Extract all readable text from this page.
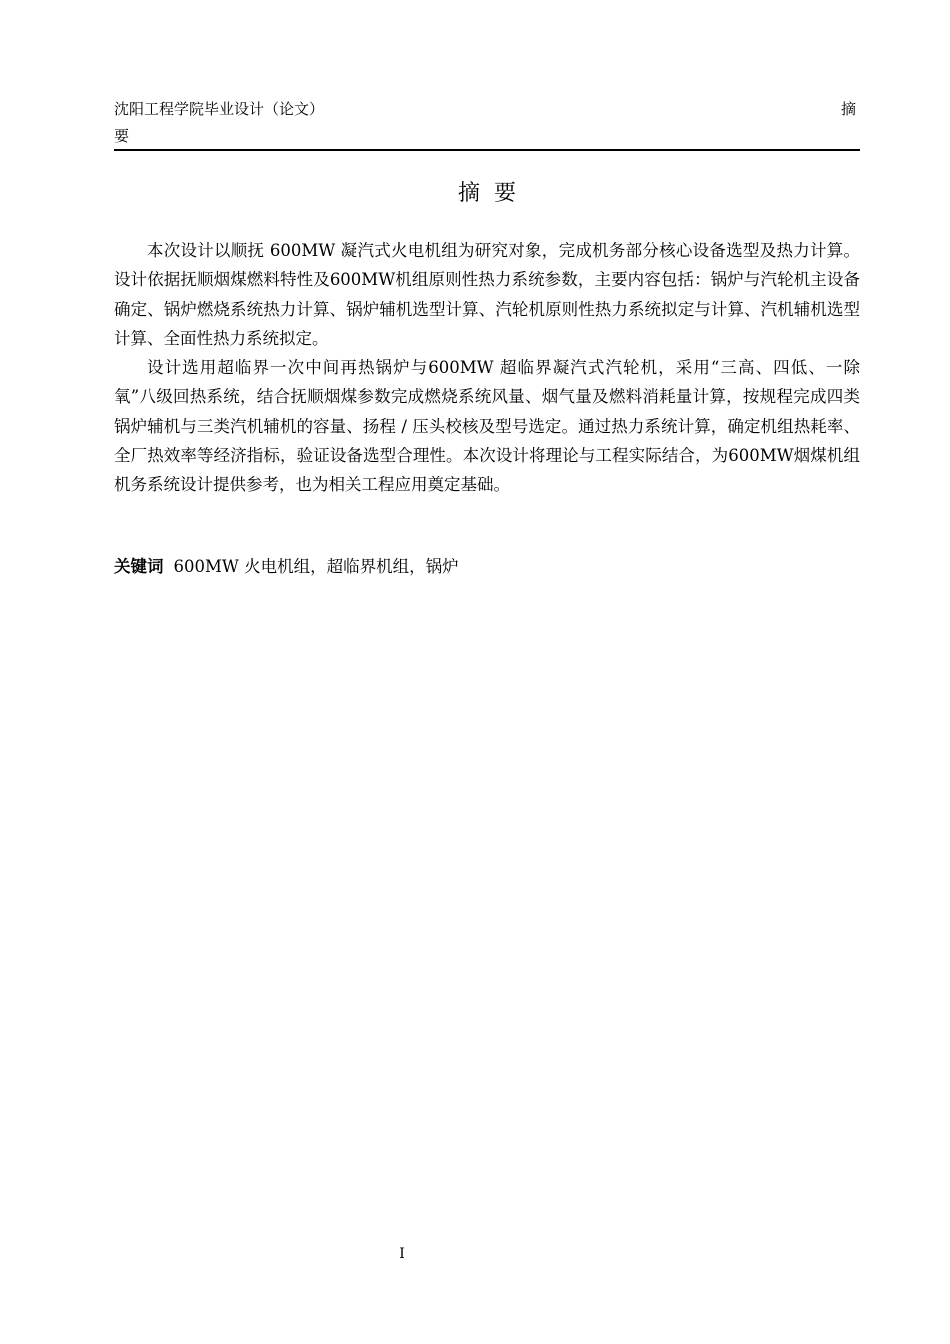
沈阳工程学院毕业设计（论文）	摘
要
摘要

本次设计以顺抚 600MW 凝汽式火电机组为研究对象，完成机务部分核心设备选型及热力计算。设计依据抚顺烟煤燃料特性及600MW机组原则性热力系统参数，主要内容包括：锅炉与汽轮机主设备确定、锅炉燃烧系统热力计算、锅炉辅机选型计算、汽轮机原则性热力系统拟定与计算、汽机辅机选型计算、全面性热力系统拟定。

设计选用超临界一次中间再热锅炉与600MW 超临界凝汽式汽轮机，采用“三高、四低、一除氧”八级回热系统，结合抚顺烟煤参数完成燃烧系统风量、烟气量及燃料消耗量计算，按规程完成四类锅炉辅机与三类汽机辅机的容量、扬程 / 压头校核及型号选定。通过热力系统计算，确定机组热耗率、全厂热效率等经济指标，验证设备选型合理性。本次设计将理论与工程实际结合，为600MW烟煤机组机务系统设计提供参考，也为相关工程应用奠定基础。

关键词 600MW 火电机组，超临界机组，锅炉
I
